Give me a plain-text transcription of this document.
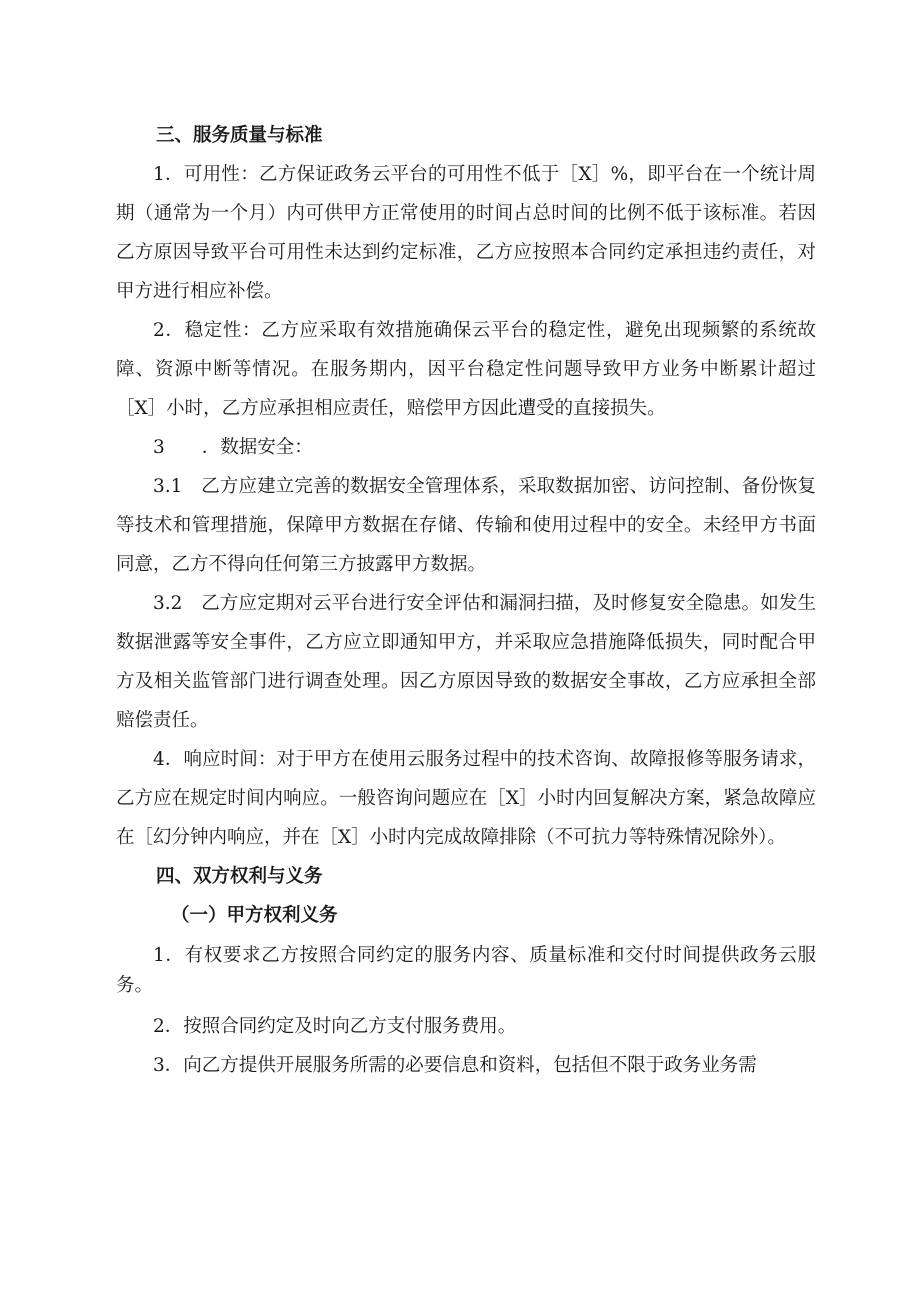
三、服务质量与标准

1．可用性：乙方保证政务云平台的可用性不低于［X］%，即平台在一个统计周期（通常为一个月）内可供甲方正常使用的时间占总时间的比例不低于该标准。若因乙方原因导致平台可用性未达到约定标准，乙方应按照本合同约定承担违约责任，对甲方进行相应补偿。

2．稳定性：乙方应采取有效措施确保云平台的稳定性，避免出现频繁的系统故障、资源中断等情况。在服务期内，因平台稳定性问题导致甲方业务中断累计超过［X］小时，乙方应承担相应责任，赔偿甲方因此遭受的直接损失。

3　　．数据安全：

3.1　乙方应建立完善的数据安全管理体系，采取数据加密、访问控制、备份恢复等技术和管理措施，保障甲方数据在存储、传输和使用过程中的安全。未经甲方书面同意，乙方不得向任何第三方披露甲方数据。

3.2　乙方应定期对云平台进行安全评估和漏洞扫描，及时修复安全隐患。如发生数据泄露等安全事件，乙方应立即通知甲方，并采取应急措施降低损失，同时配合甲方及相关监管部门进行调查处理。因乙方原因导致的数据安全事故，乙方应承担全部赔偿责任。

4．响应时间：对于甲方在使用云服务过程中的技术咨询、故障报修等服务请求，乙方应在规定时间内响应。一般咨询问题应在［X］小时内回复解决方案，紧急故障应在［幻分钟内响应，并在［X］小时内完成故障排除（不可抗力等特殊情况除外）。

四、双方权利与义务

（一）甲方权利义务

1．有权要求乙方按照合同约定的服务内容、质量标准和交付时间提供政务云服务。

2．按照合同约定及时向乙方支付服务费用。

3．向乙方提供开展服务所需的必要信息和资料，包括但不限于政务业务需
